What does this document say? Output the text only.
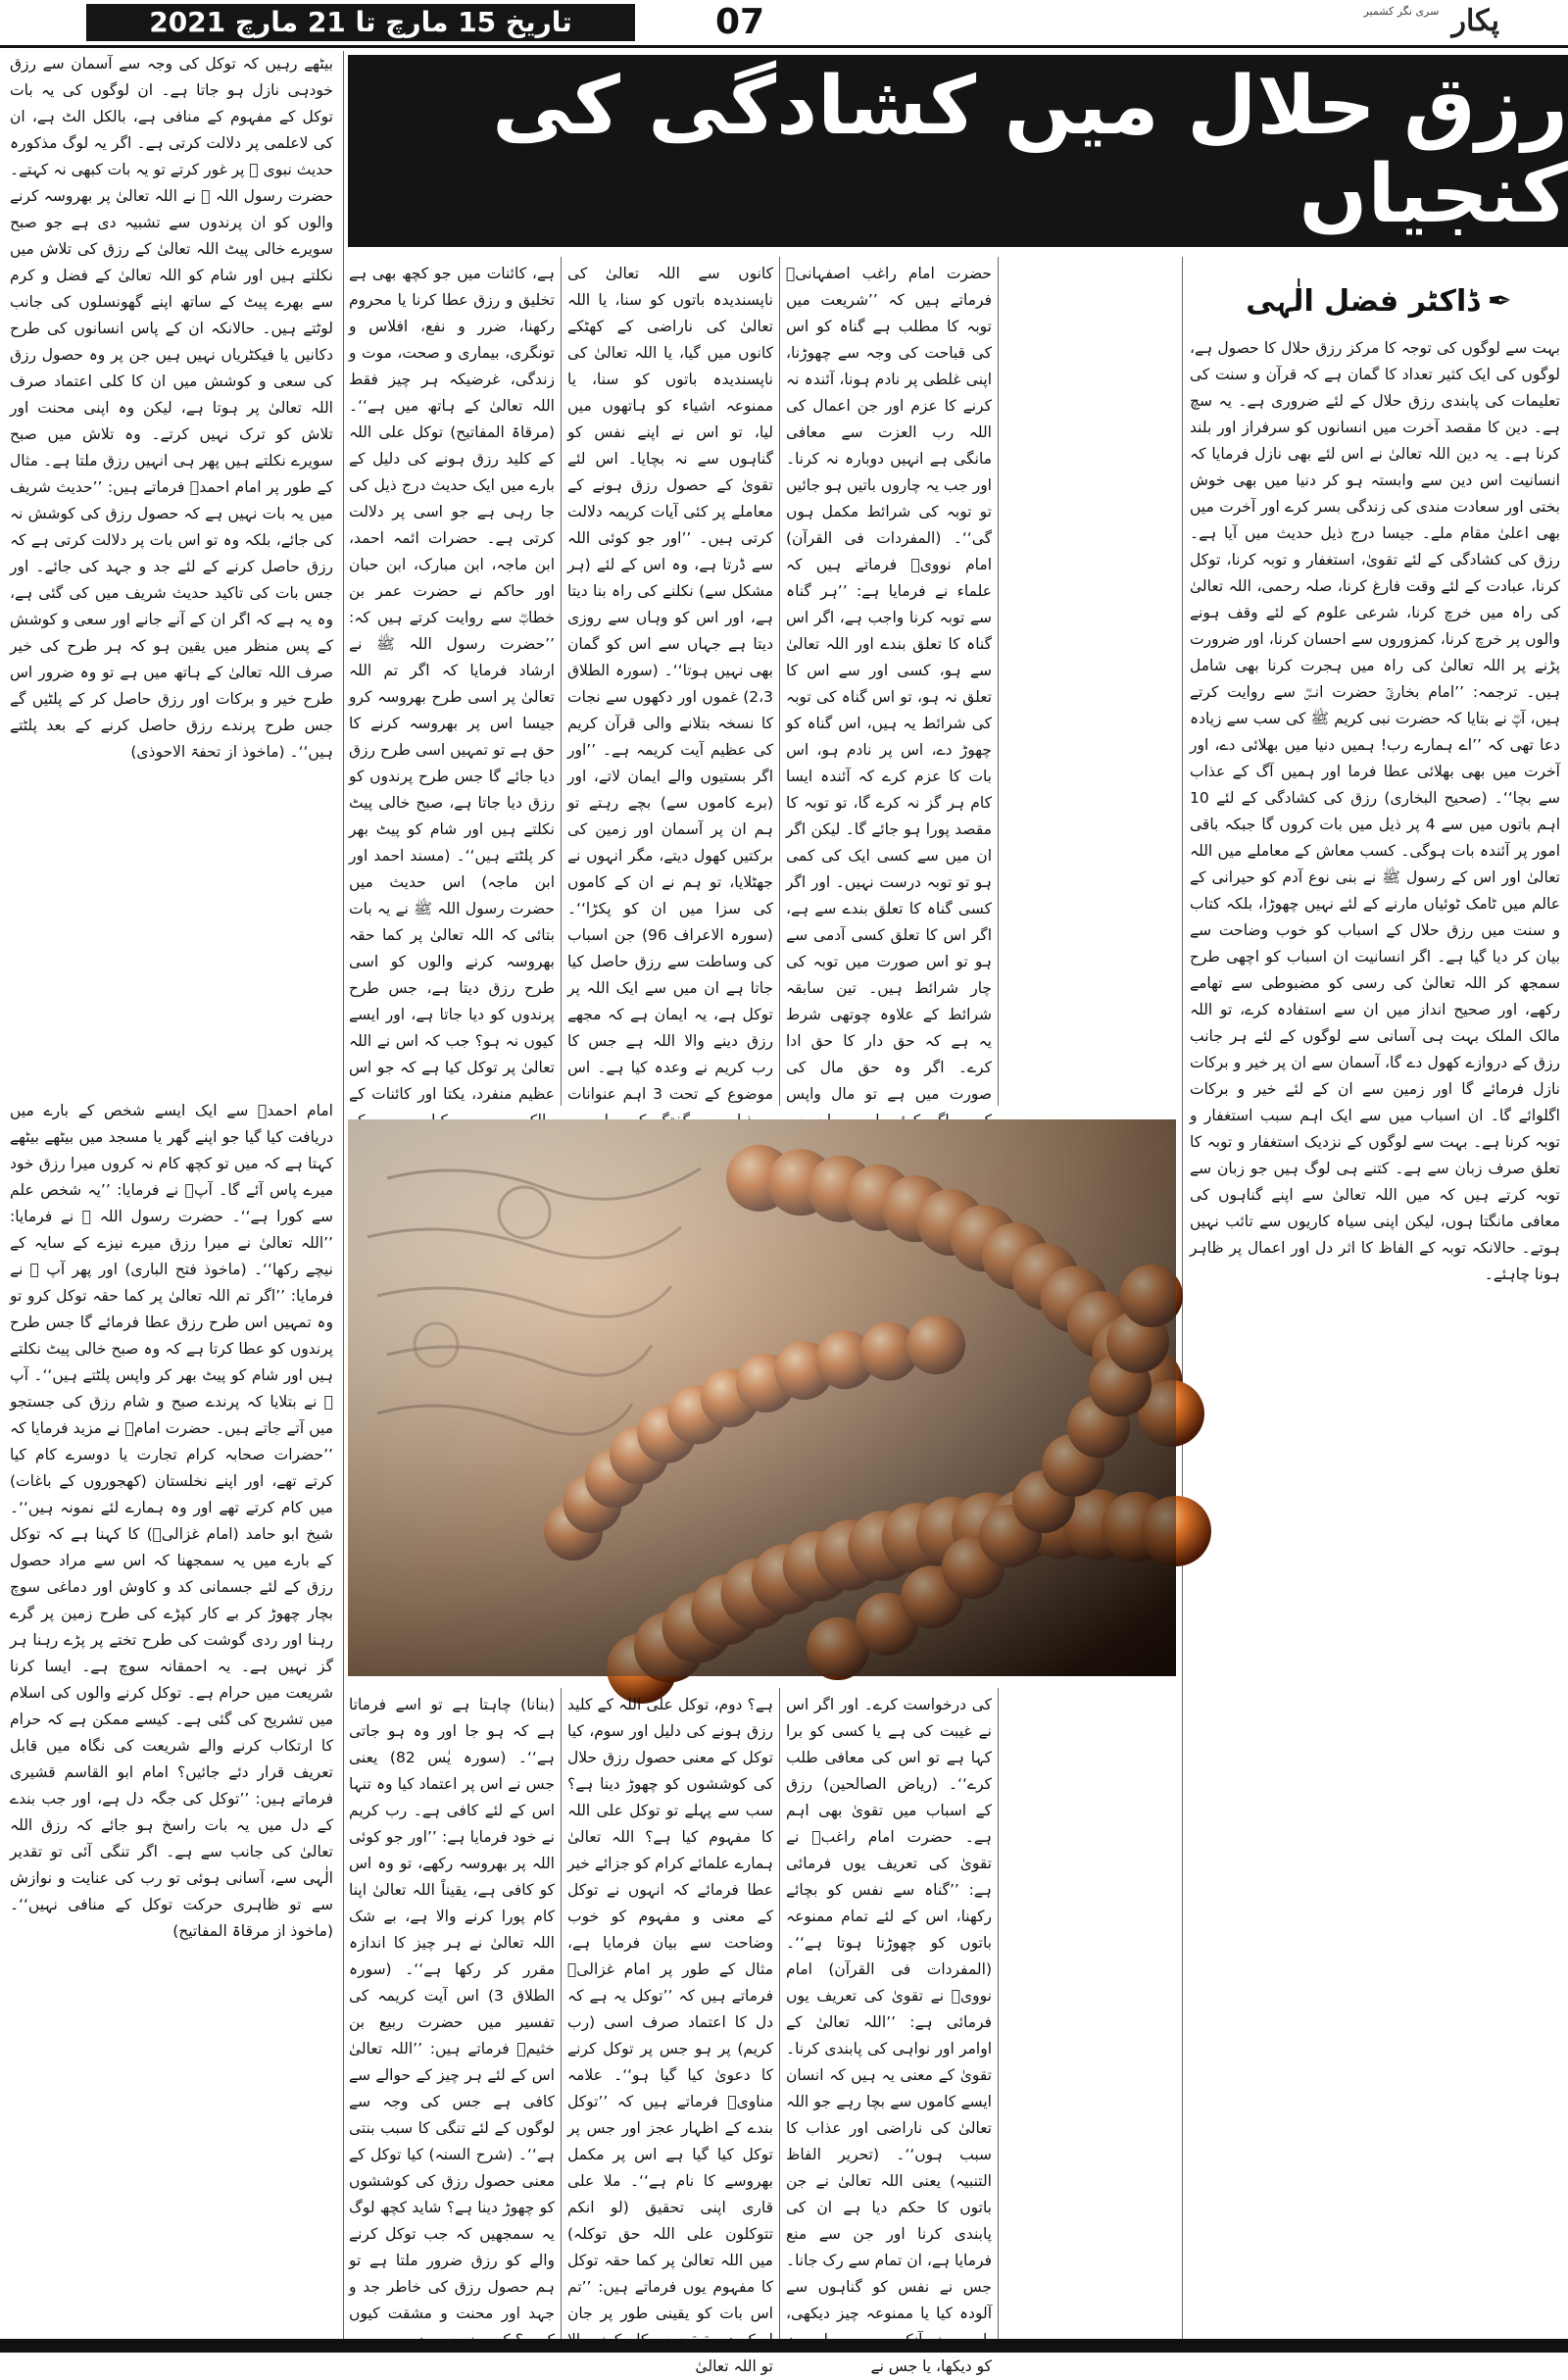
تاریخ 15 مارچ تا 21 مارچ 2021	07	پکار سری نگر کشمیر
رزق حلال میں کشادگی کی کنجیاں

بیٹھے رہیں کہ توکل کی وجہ سے آسمان سے رزق خودہی نازل ہو جاتا ہے۔ ان لوگوں کی یہ بات توکل کے مفہوم کے منافی ہے، بالکل الٹ ہے، ان کی لاعلمی پر دلالت کرتی ہے۔ اگر یہ لوگ مذکورہ حدیث نبوی ﷺ پر غور کرتے تو یہ بات کبھی نہ کہتے۔ حضرت رسول اللہ ﷺ نے اللہ تعالیٰ پر بھروسہ کرنے والوں کو ان پرندوں سے تشبیہ دی ہے جو صبح سویرے خالی پیٹ اللہ تعالیٰ کے رزق کی تلاش میں نکلتے ہیں اور شام کو اللہ تعالیٰ کے فضل و کرم سے بھرے پیٹ کے ساتھ اپنے گھونسلوں کی جانب لوٹتے ہیں۔ حالانکہ ان کے پاس انسانوں کی طرح دکانیں یا فیکٹریاں نہیں ہیں جن پر وہ حصول رزق کی سعی و کوشش میں ان کا کلی اعتماد صرف اللہ تعالیٰ پر ہوتا ہے، لیکن وہ اپنی محنت اور تلاش کو ترک نہیں کرتے۔ وہ تلاش میں صبح سویرے نکلتے ہیں پھر ہی انہیں رزق ملتا ہے۔ مثال کے طور پر امام احمدؒ فرماتے ہیں: ’’حدیث شریف میں یہ بات نہیں ہے کہ حصول رزق کی کوشش نہ کی جائے، بلکہ وہ تو اس بات پر دلالت کرتی ہے کہ رزق حاصل کرنے کے لئے جد و جہد کی جائے۔ اور جس بات کی تاکید حدیث شریف میں کی گئی ہے، وہ یہ ہے کہ اگر ان کے آنے جانے اور سعی و کوشش کے پس منظر میں یقین ہو کہ ہر طرح کی خیر صرف اللہ تعالیٰ کے ہاتھ میں ہے تو وہ ضرور اس طرح خیر و برکات اور رزق حاصل کر کے پلٹیں گے جس طرح پرندے رزق حاصل کرنے کے بعد پلٹتے ہیں‘‘۔ (ماخوذ از تحفۃ الاحوذی)

امام احمدؒ سے ایک ایسے شخص کے بارے میں دریافت کیا گیا جو اپنے گھر یا مسجد میں بیٹھے بیٹھے کہتا ہے کہ میں تو کچھ کام نہ کروں میرا رزق خود میرے پاس آئے گا۔ آپؒ نے فرمایا: ’’یہ شخص علم سے کورا ہے‘‘۔ حضرت رسول اللہ ﷺ نے فرمایا: ’’اللہ تعالیٰ نے میرا رزق میرے نیزے کے سایہ کے نیچے رکھا‘‘۔ (ماخوذ فتح الباری) اور پھر آپ ﷺ نے فرمایا: ’’اگر تم اللہ تعالیٰ پر کما حقہ توکل کرو تو وہ تمہیں اس طرح رزق عطا فرمائے گا جس طرح پرندوں کو عطا کرتا ہے کہ وہ صبح خالی پیٹ نکلتے ہیں اور شام کو پیٹ بھر کر واپس پلٹتے ہیں‘‘۔ آپ ﷺ نے بتلایا کہ پرندے صبح و شام رزق کی جستجو میں آتے جاتے ہیں۔ حضرت امامؒ نے مزید فرمایا کہ ’’حضرات صحابہ کرام تجارت یا دوسرے کام کیا کرتے تھے، اور اپنے نخلستان (کھجوروں کے باغات) میں کام کرتے تھے اور وہ ہمارے لئے نمونہ ہیں‘‘۔ شیخ ابو حامد (امام غزالیؒ) کا کہنا ہے کہ توکل کے بارے میں یہ سمجھنا کہ اس سے مراد حصول رزق کے لئے جسمانی کد و کاوش اور دماغی سوچ بچار چھوڑ کر بے کار کپڑے کی طرح زمین پر گرے رہنا اور ردی گوشت کی طرح تختے پر پڑے رہنا ہر گز نہیں ہے۔ یہ احمقانہ سوچ ہے۔ ایسا کرنا شریعت میں حرام ہے۔ توکل کرنے والوں کی اسلام میں تشریح کی گئی ہے۔ کیسے ممکن ہے کہ حرام کا ارتکاب کرنے والے شریعت کی نگاہ میں قابل تعریف قرار دئے جائیں؟ امام ابو القاسم قشیری فرماتے ہیں: ’’توکل کی جگہ دل ہے، اور جب بندے کے دل میں یہ بات راسخ ہو جائے کہ رزق اللہ تعالیٰ کی جانب سے ہے۔ اگر تنگی آئی تو تقدیر الٰہی سے، آسانی ہوئی تو رب کی عنایت و نوازش سے تو ظاہری حرکت توکل کے منافی نہیں‘‘۔ (ماخوذ از مرقاۃ المفاتیح)

ہے، کائنات میں جو کچھ بھی ہے تخلیق و رزق عطا کرنا یا محروم رکھنا، ضرر و نفع، افلاس و تونگری، بیماری و صحت، موت و زندگی، غرضیکہ ہر چیز فقط اللہ تعالیٰ کے ہاتھ میں ہے‘‘۔ (مرقاۃ المفاتیح) توکل علی اللہ کے کلید رزق ہونے کی دلیل کے بارے میں ایک حدیث درج ذیل کی جا رہی ہے جو اسی پر دلالت کرتی ہے۔ حضرات ائمہ احمد، ابن ماجہ، ابن مبارک، ابن حبان اور حاکم نے حضرت عمر بن خطابؓ سے روایت کرتے ہیں کہ: ’’حضرت رسول اللہ ﷺ نے ارشاد فرمایا کہ اگر تم اللہ تعالیٰ پر اسی طرح بھروسہ کرو جیسا اس پر بھروسہ کرنے کا حق ہے تو تمہیں اسی طرح رزق دیا جائے گا جس طرح پرندوں کو رزق دیا جاتا ہے، صبح خالی پیٹ نکلتے ہیں اور شام کو پیٹ بھر کر پلٹتے ہیں‘‘۔ (مسند احمد اور ابن ماجہ) اس حدیث میں حضرت رسول اللہ ﷺ نے یہ بات بتائی کہ اللہ تعالیٰ پر کما حقہ بھروسہ کرنے والوں کو اسی طرح رزق دیتا ہے، جس طرح پرندوں کو دیا جاتا ہے، اور ایسے کیوں نہ ہو؟ جب کہ اس نے اللہ تعالیٰ پر توکل کیا ہے کہ جو اس عظیم منفرد، یکتا اور کائنات کے

کانوں سے اللہ تعالیٰ کی ناپسندیدہ باتوں کو سنا، یا اللہ تعالیٰ کی ناراضی کے کھٹکے کانوں میں گیا، یا اللہ تعالیٰ کی ناپسندیدہ باتوں کو سنا، یا ممنوعہ اشیاء کو ہاتھوں میں لیا، تو اس نے اپنے نفس کو گناہوں سے نہ بچایا۔ اس لئے تقویٰ کے حصول رزق ہونے کے معاملے پر کئی آیات کریمہ دلالت کرتی ہیں۔ ’’اور جو کوئی اللہ سے ڈرتا ہے، وہ اس کے لئے (ہر مشکل سے) نکلنے کی راہ بنا دیتا ہے، اور اس کو وہاں سے روزی دیتا ہے جہاں سے اس کو گمان بھی نہیں ہوتا‘‘۔ (سورہ الطلاق 2،3) غموں اور دکھوں سے نجات کا نسخہ بتلانے والی قرآن کریم کی عظیم آیت کریمہ ہے۔ ’’اور اگر بستیوں والے ایمان لاتے، اور (برے کاموں سے) بچے رہتے تو ہم ان پر آسمان اور زمین کی برکتیں کھول دیتے، مگر انہوں نے جھٹلایا، تو ہم نے ان کے کاموں کی سزا میں ان کو پکڑا‘‘۔ (سورہ الاعراف 96) جن اسباب کی وساطت سے رزق حاصل کیا جاتا ہے ان میں سے ایک اللہ پر توکل ہے، یہ ایمان ہے کہ مجھے رزق دینے والا اللہ ہے جس کا رب کریم نے وعدہ کیا ہے۔ اس موضوع کے تحت 3 اہم عنوانات

حضرت امام راغب اصفہانیؒ فرماتے ہیں کہ ’’شریعت میں توبہ کا مطلب ہے گناہ کو اس کی قباحت کی وجہ سے چھوڑنا، اپنی غلطی پر نادم ہونا، آئندہ نہ کرنے کا عزم اور جن اعمال کی اللہ رب العزت سے معافی مانگی ہے انہیں دوبارہ نہ کرنا۔ اور جب یہ چاروں باتیں ہو جائیں تو توبہ کی شرائط مکمل ہوں گی‘‘۔ (المفردات فی القرآن) امام نوویؒ فرماتے ہیں کہ علماء نے فرمایا ہے: ’’ہر گناہ سے توبہ کرنا واجب ہے، اگر اس گناہ کا تعلق بندے اور اللہ تعالیٰ سے ہو، کسی اور سے اس کا تعلق نہ ہو، تو اس گناہ کی توبہ کی شرائط یہ ہیں، اس گناہ کو چھوڑ دے، اس پر نادم ہو، اس بات کا عزم کرے کہ آئندہ ایسا کام ہر گز نہ کرے گا، تو توبہ کا مقصد پورا ہو جائے گا۔ لیکن اگر ان میں سے کسی ایک کی کمی ہو تو توبہ درست نہیں۔ اور اگر کسی گناہ کا تعلق بندے سے ہے، اگر اس کا تعلق کسی آدمی سے ہو تو اس صورت میں توبہ کی چار شرائط ہیں۔ تین سابقہ شرائط کے علاوہ چوتھی شرط یہ ہے کہ حق دار کا حق ادا کرے۔ اگر وہ حق مال کی صورت میں ہے تو مال واپس

✒ڈاکٹر فضل الٰہی

بہت سے لوگوں کی توجہ کا مرکز رزق حلال کا حصول ہے، لوگوں کی ایک کثیر تعداد کا گمان ہے کہ قرآن و سنت کی تعلیمات کی پابندی رزق حلال کے لئے ضروری ہے۔ یہ سچ ہے۔ دین کا مقصد آخرت میں انسانوں کو سرفراز اور بلند کرنا ہے۔ یہ دین اللہ تعالیٰ نے اس لئے بھی نازل فرمایا کہ انسانیت اس دین سے وابستہ ہو کر دنیا میں بھی خوش بختی اور سعادت مندی کی زندگی بسر کرے اور آخرت میں بھی اعلیٰ مقام ملے۔ جیسا درج ذیل حدیث میں آیا ہے۔ رزق کی کشادگی کے لئے تقویٰ، استغفار و توبہ کرنا، توکل کرنا، عبادت کے لئے وقت فارغ کرنا، صلہ رحمی، اللہ تعالیٰ کی راہ میں خرچ کرنا، شرعی علوم کے لئے وقف ہونے والوں پر خرچ کرنا، کمزوروں سے احسان کرنا، اور ضرورت پڑنے پر اللہ تعالیٰ کی راہ میں ہجرت کرنا بھی شامل ہیں۔ ترجمہ: ’’امام بخاریؒ حضرت انسؓ سے روایت کرتے ہیں، آپؓ نے بتایا کہ حضرت نبی کریم ﷺ کی سب سے زیادہ دعا تھی کہ ’’اے ہمارے رب! ہمیں دنیا میں بھلائی دے، اور آخرت میں بھی بھلائی عطا فرما اور ہمیں آگ کے عذاب سے بچا‘‘۔ (صحیح البخاری) رزق کی کشادگی کے لئے 10 اہم باتوں میں سے 4 پر ذیل میں بات کروں گا جبکہ باقی امور پر آئندہ بات ہوگی۔ کسب معاش کے معاملے میں اللہ تعالیٰ اور اس کے رسول ﷺ نے بنی نوع آدم کو حیرانی کے عالم میں ٹامک ٹوئیاں مارنے کے لئے نہیں چھوڑا، بلکہ کتاب و سنت میں رزق حلال کے اسباب کو خوب وضاحت سے بیان کر دیا گیا ہے۔ اگر انسانیت ان اسباب کو اچھی طرح سمجھ کر اللہ تعالیٰ کی رسی کو مضبوطی سے تھامے رکھے، اور صحیح انداز میں ان سے استفادہ کرے، تو اللہ مالک الملک بہت ہی آسانی سے لوگوں کے لئے ہر جانب رزق کے دروازے کھول دے گا، آسمان سے ان پر خیر و برکات نازل فرمائے گا اور زمین سے ان کے لئے خیر و برکات اگلوائے گا۔ ان اسباب میں سے ایک اہم سبب استغفار و توبہ کرنا ہے۔ بہت سے لوگوں کے نزدیک استغفار و توبہ کا تعلق صرف زبان سے ہے۔ کتنے ہی لوگ ہیں جو زبان سے توبہ کرتے ہیں کہ میں اللہ تعالیٰ سے اپنے گناہوں کی معافی مانگتا ہوں، لیکن اپنی سیاہ کاریوں سے تائب نہیں ہوتے۔ حالانکہ توبہ کے الفاظ کا اثر دل اور اعمال پر ظاہر ہونا چاہئے۔

(بنانا) چاہتا ہے تو اسے فرماتا ہے کہ ہو جا اور وہ ہو جاتی ہے‘‘۔ (سورہ یٰس 82) یعنی جس نے اس پر اعتماد کیا وہ تنہا اس کے لئے کافی ہے۔ رب کریم نے خود فرمایا ہے: ’’اور جو کوئی اللہ پر بھروسہ رکھے، تو وہ اس کو کافی ہے، یقیناً اللہ تعالیٰ اپنا کام پورا کرنے والا ہے، بے شک اللہ تعالیٰ نے ہر چیز کا اندازہ مقرر کر رکھا ہے‘‘۔ (سورہ الطلاق 3) اس آیت کریمہ کی تفسیر میں حضرت ربیع بن خثیمؒ فرماتے ہیں: ’’اللہ تعالیٰ اس کے لئے ہر چیز کے حوالے سے کافی ہے جس کی وجہ سے لوگوں کے لئے تنگی کا سبب بنتی ہے‘‘۔ (شرح السنہ) کیا توکل کے معنی حصول رزق کی کوششوں کو چھوڑ دینا ہے؟ شاید کچھ لوگ یہ سمجھیں کہ جب توکل کرنے والے کو رزق ضرور ملتا ہے تو ہم حصول رزق کی خاطر جد و جہد اور محنت و مشقت کیوں

ہے؟ دوم، توکل علی اللہ کے کلید رزق ہونے کی دلیل اور سوم، کیا توکل کے معنی حصول رزق حلال کی کوششوں کو چھوڑ دینا ہے؟ سب سے پہلے تو توکل علی اللہ کا مفہوم کیا ہے؟ اللہ تعالیٰ ہمارے علمائے کرام کو جزائے خیر عطا فرمائے کہ انہوں نے توکل کے معنی و مفہوم کو خوب وضاحت سے بیان فرمایا ہے، مثال کے طور پر امام غزالیؒ فرماتے ہیں کہ ’’توکل یہ ہے کہ دل کا اعتماد صرف اسی (رب کریم) پر ہو جس پر توکل کرنے کا دعویٰ کیا گیا ہو‘‘۔ علامہ مناویؒ فرماتے ہیں کہ ’’توکل بندے کے اظہار عجز اور جس پر توکل کیا گیا ہے اس پر مکمل بھروسے کا نام ہے‘‘۔ ملا علی قاری اپنی تحقیق (لو انکم تتوکلون علی اللہ حق توکلہ) میں اللہ تعالیٰ پر کما حقہ توکل کا مفہوم یوں فرماتے ہیں: ’’تم اس بات کو یقینی طور پر جان تو اللہ تعالیٰ

کی درخواست کرے۔ اور اگر اس نے غیبت کی ہے یا کسی کو برا کہا ہے تو اس کی معافی طلب کرے‘‘۔ (ریاض الصالحین) رزق کے اسباب میں تقویٰ بھی اہم ہے۔ حضرت امام راغبؒ نے تقویٰ کی تعریف یوں فرمائی ہے: ’’گناہ سے نفس کو بچائے رکھنا، اس کے لئے تمام ممنوعہ باتوں کو چھوڑنا ہوتا ہے‘‘۔ (المفردات فی القرآن) امام نوویؒ نے تقویٰ کی تعریف یوں فرمائی ہے: ’’اللہ تعالیٰ کے اوامر اور نواہی کی پابندی کرنا۔ تقویٰ کے معنی یہ ہیں کہ انسان ایسے کاموں سے بچا رہے جو اللہ تعالیٰ کی ناراضی اور عذاب کا سبب ہوں‘‘۔ (تحریر الفاظ التنبیہ) یعنی اللہ تعالیٰ نے جن باتوں کا حکم دیا ہے ان کی پابندی کرنا اور جن سے منع فرمایا ہے، ان تمام سے رک جانا۔ جس نے نفس کو گناہوں سے آلودہ کیا یا ممنوعہ چیز دیکھی، کو دیکھا، یا جس نے
